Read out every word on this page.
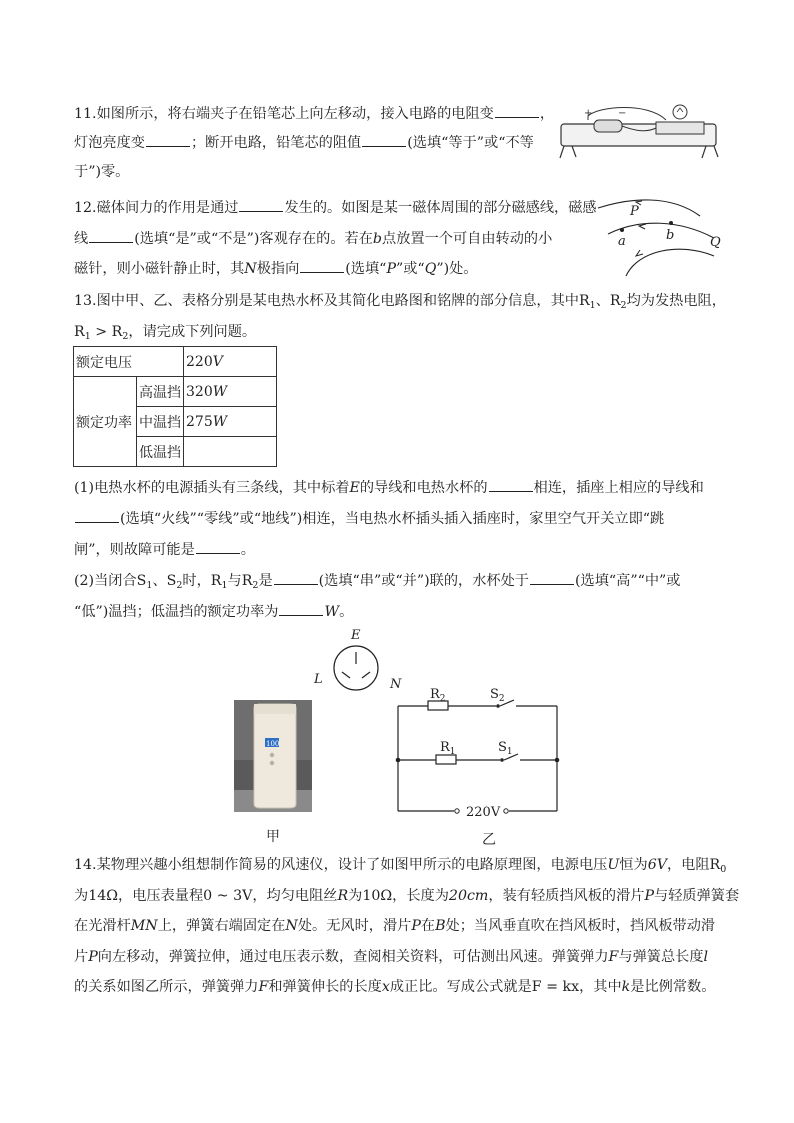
11.如图所示，将右端夹子在铅笔芯上向左移动，接入电路的电阻变	，
灯泡亮度变	；断开电路，铅笔芯的阻值	(选填“等于”或“不等
于”)零。
+	−
12.磁体间力的作用是通过	发生的。如图是某一磁体周围的部分磁感线，磁感
线	(选填“是”或“不是”)客观存在的。若在b点放置一个可自由转动的小
磁针，则小磁针静止时，其N极指向	(选填“P”或“Q”)处。
P
a	b	Q
13.图中甲、乙、表格分别是某电热水杯及其简化电路图和铭牌的部分信息，其中$R_1$、$R_2$均为发热电阻，
$R_1 > R_2$，请完成下列问题。
额定电压		220V
额定功率	高温挡	320W
	中温挡	275W
	低温挡	
(1)电热水杯的电源插头有三条线，其中标着E的导线和电热水杯的	相连，插座上相应的导线和
(选填“火线”“零线”或“地线”)相连，当电热水杯插头插入插座时，家里空气开关立即“跳
闸”，则故障可能是	。
(2)当闭合$S_1$、$S_2$时，$R_1$与$R_2$是	(选填“串”或“并”)联的，水杯处于	(选填“高”“中”或
“低”)温挡；低温挡的额定功率为	W。
E
L	N
100
甲
$R_2$	$S_2$
$R_1$	$S_1$
220V
乙
14.某物理兴趣小组想制作简易的风速仪，设计了如图甲所示的电路原理图，电源电压U恒为6V，电阻$R_0$
为14Ω，电压表量程0 ~ 3V，均匀电阻丝R为10Ω，长度为20cm，装有轻质挡风板的滑片P与轻质弹簧套
在光滑杆MN上，弹簧右端固定在N处。无风时，滑片P在B处；当风垂直吹在挡风板时，挡风板带动滑
片P向左移动，弹簧拉伸，通过电压表示数，查阅相关资料，可估测出风速。弹簧弹力F与弹簧总长度l
的关系如图乙所示，弹簧弹力F和弹簧伸长的长度x成正比。写成公式就是F = kx，其中k是比例常数。
